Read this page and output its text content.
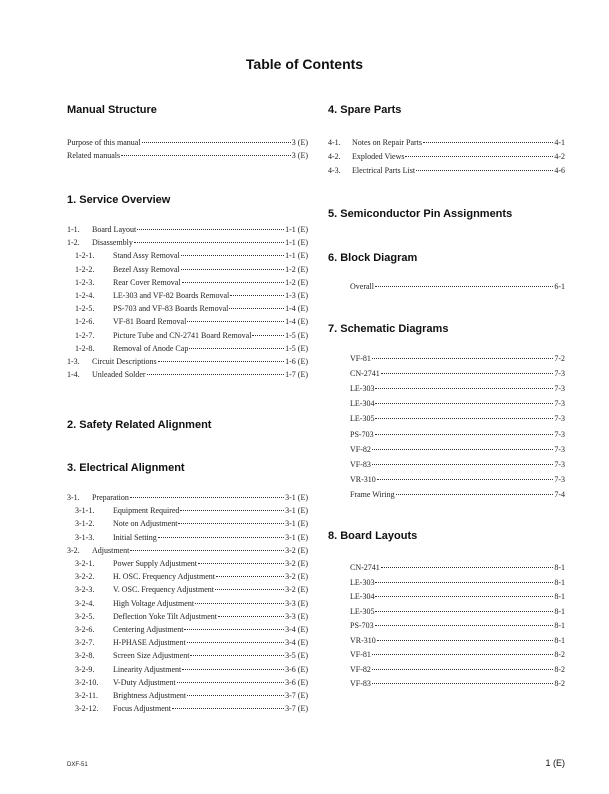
Table of Contents
Manual Structure
Purpose of this manual	3 (E)
Related manuals	3 (E)
1. Service Overview
1-1.	Board Layout	1-1 (E)
1-2.	Disassembly	1-1 (E)
1-2-1.	Stand Assy Removal	1-1 (E)
1-2-2.	Bezel Assy Removal	1-2 (E)
1-2-3.	Rear Cover Removal	1-2 (E)
1-2-4.	LE-303 and VF-82 Boards Removal	1-3 (E)
1-2-5.	PS-703 and VF-83 Boards Removal	1-4 (E)
1-2-6.	VF-81 Board Removal	1-4 (E)
1-2-7.	Picture Tube and CN-2741 Board Removal	1-5 (E)
1-2-8.	Removal of Anode Cap	1-5 (E)
1-3.	Circuit Descriptions	1-6 (E)
1-4.	Unleaded Solder	1-7 (E)
2. Safety Related Alignment
3. Electrical Alignment
3-1.	Preparation	3-1 (E)
3-1-1.	Equipment Required	3-1 (E)
3-1-2.	Note on Adjustment	3-1 (E)
3-1-3.	Initial Setting	3-1 (E)
3-2.	Adjustment	3-2 (E)
3-2-1.	Power Supply Adjustment	3-2 (E)
3-2-2.	H. OSC. Frequency Adjustment	3-2 (E)
3-2-3.	V. OSC. Frequency Adjustment	3-2 (E)
3-2-4.	High Voltage Adjustment	3-3 (E)
3-2-5.	Deflection Yoke Tilt Adjustment	3-3 (E)
3-2-6.	Centering Adjustment	3-4 (E)
3-2-7.	H-PHASE Adjustment	3-4 (E)
3-2-8.	Screen Size Adjustment	3-5 (E)
3-2-9.	Linearity Adjustment	3-6 (E)
3-2-10.	V-Duty Adjustment	3-6 (E)
3-2-11.	Brightness Adjustment	3-7 (E)
3-2-12.	Focus Adjustment	3-7 (E)
4. Spare Parts
4-1.	Notes on Repair Parts	4-1
4-2.	Exploded Views	4-2
4-3.	Electrical Parts List	4-6
5. Semiconductor Pin Assignments
6. Block Diagram
Overall	6-1
7. Schematic Diagrams
VF-81	7-2
CN-2741	7-3
LE-303	7-3
LE-304	7-3
LE-305	7-3
PS-703	7-3
VF-82	7-3
VF-83	7-3
VR-310	7-3
Frame Wiring	7-4
8. Board Layouts
CN-2741	8-1
LE-303	8-1
LE-304	8-1
LE-305	8-1
PS-703	8-1
VR-310	8-1
VF-81	8-2
VF-82	8-2
VF-83	8-2
DXF-51	1 (E)
